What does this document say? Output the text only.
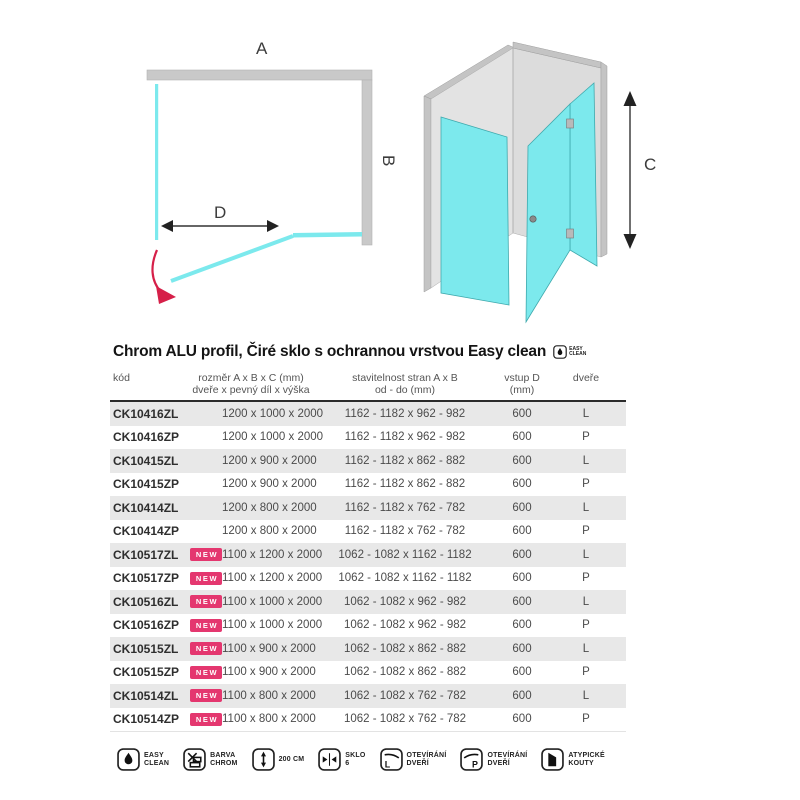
A
B
D
C
Chrom ALU profil, Čiré sklo s ochrannou vrstvou Easy clean	EASY
CLEAN
kód	rozměr A x B x C (mm)
dveře x pevný díl x výška
stavitelnost stran A x B
od - do (mm)
vstup D
(mm)
dveře
CK10416ZL	1200 x 1000 x 2000	1162 - 1182 x 962 - 982	600	L
CK10416ZP	1200 x 1000 x 2000	1162 - 1182 x 962 - 982	600	P
CK10415ZL	1200 x 900 x 2000	1162 - 1182 x 862 - 882	600	L
CK10415ZP	1200 x 900 x 2000	1162 - 1182 x 862 - 882	600	P
CK10414ZL	1200 x 800 x 2000	1162 - 1182 x 762 - 782	600	L
CK10414ZP	1200 x 800 x 2000	1162 - 1182 x 762 - 782	600	P
CK10517ZL	NEW 1100 x 1200 x 2000	1062 - 1082 x 1162 - 1182	600	L
CK10517ZP	NEW 1100 x 1200 x 2000	1062 - 1082 x 1162 - 1182	600	P
CK10516ZL	NEW 1100 x 1000 x 2000	1062 - 1082 x 962 - 982	600	L
CK10516ZP	NEW 1100 x 1000 x 2000	1062 - 1082 x 962 - 982	600	P
CK10515ZL	NEW 1100 x 900 x 2000	1062 - 1082 x 862 - 882	600	L
CK10515ZP	NEW 1100 x 900 x 2000	1062 - 1082 x 862 - 882	600	P
CK10514ZL	NEW 1100 x 800 x 2000	1062 - 1082 x 762 - 782	600	L
CK10514ZP	NEW 1100 x 800 x 2000	1062 - 1082 x 762 - 782	600	P
EASY
CLEAN
BARVA
CHROM
200 CM
SKLO
6	L
OTEVÍRÁNÍ
DVEŘÍ	P
OTEVÍRÁNÍ
DVEŘÍ
ATYPICKÉ
KOUTY
